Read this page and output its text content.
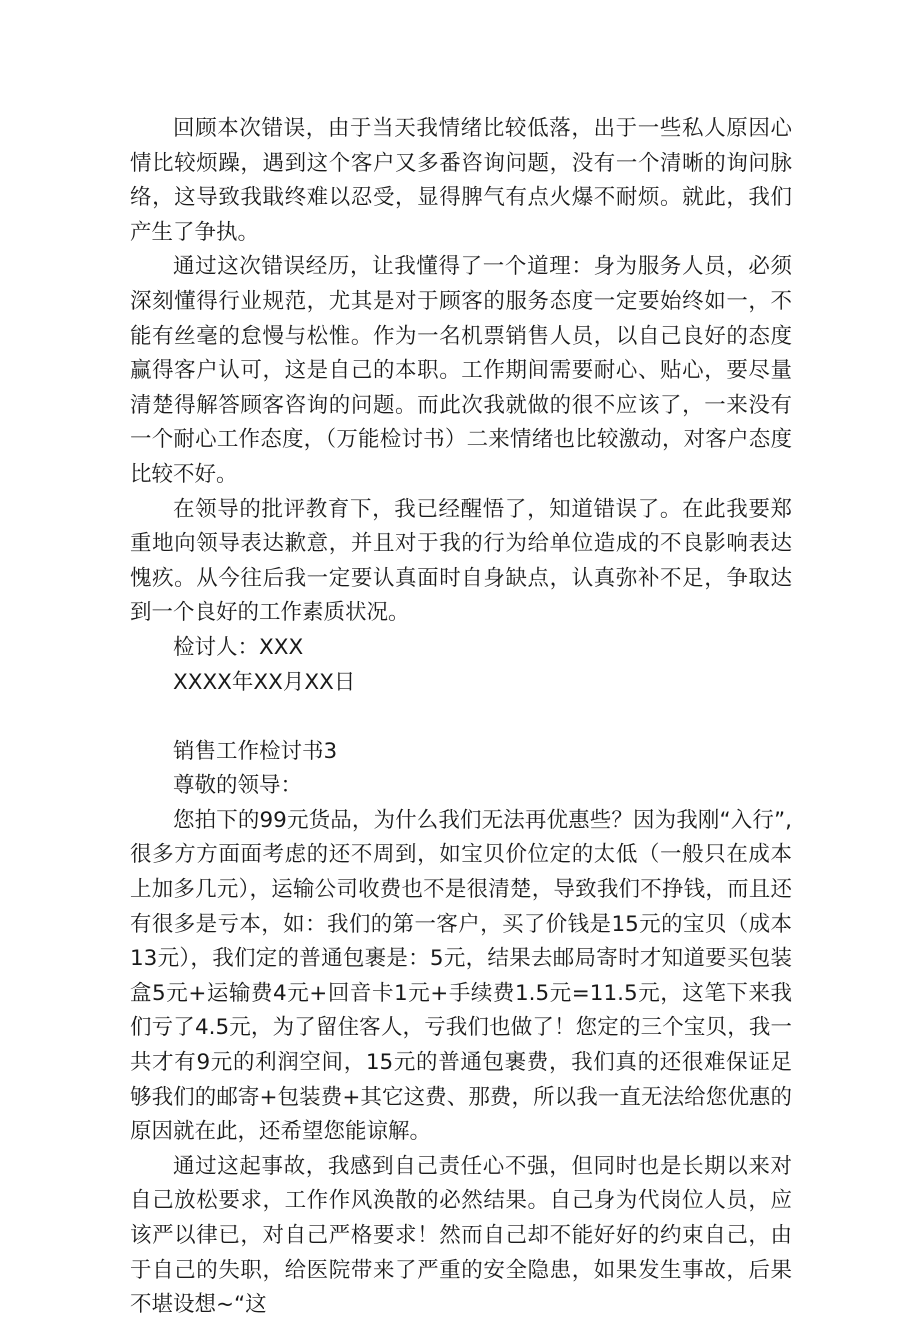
回顾本次错误，由于当天我情绪比较低落，出于一些私人原因心情比较烦躁，遇到这个客户又多番咨询问题，没有一个清晰的询问脉络，这导致我戢终难以忍受，显得脾气有点火爆不耐烦。就此，我们产生了争执。

通过这次错误经历，让我懂得了一个道理：身为服务人员，必须深刻懂得行业规范，尤其是对于顾客的服务态度一定要始终如一，不能有丝毫的怠慢与松惟。作为一名机票销售人员，以自己良好的态度赢得客户认可，这是自己的本职。工作期间需要耐心、贴心，要尽量清楚得解答顾客咨询的问题。而此次我就做的很不应该了，一来没有一个耐心工作态度，（万能检讨书）二来情绪也比较激动，对客户态度比较不好。

在领导的批评教育下，我已经醒悟了，知道错误了。在此我要郑重地向领导表达歉意，并且对于我的行为给单位造成的不良影响表达愧疚。从今往后我一定要认真面时自身缺点，认真弥补不足，争取达到一个良好的工作素质状况。

检讨人：XXX
XXXX年XX月XX日
销售工作检讨书3
尊敬的领导：

您拍下的99元货品，为什么我们无法再优惠些？因为我刚“入行”,很多方方面面考虑的还不周到，如宝贝价位定的太低（一般只在成本上加多几元），运输公司收费也不是很清楚，导致我们不挣钱，而且还有很多是亏本，如：我们的第一客户，买了价钱是15元的宝贝（成本13元），我们定的普通包裹是：5元，结果去邮局寄时才知道要买包装盒5元+运输费4元+回音卡1元+手续费1.5元=11.5元，这笔下来我们亏了4.5元，为了留住客人，亏我们也做了！您定的三个宝贝，我一共才有9元的利润空间，15元的普通包裹费，我们真的还很难保证足够我们的邮寄+包装费+其它这费、那费，所以我一直无法给您优惠的原因就在此，还希望您能谅解。

通过这起事故，我感到自己责任心不强，但同时也是长期以来对自己放松要求，工作作风涣散的必然结果。自己身为代岗位人员，应该严以律已，对自己严格要求！然而自己却不能好好的约束自己，由于自己的失职，给医院带来了严重的安全隐患，如果发生事故，后果不堪设想~“这
